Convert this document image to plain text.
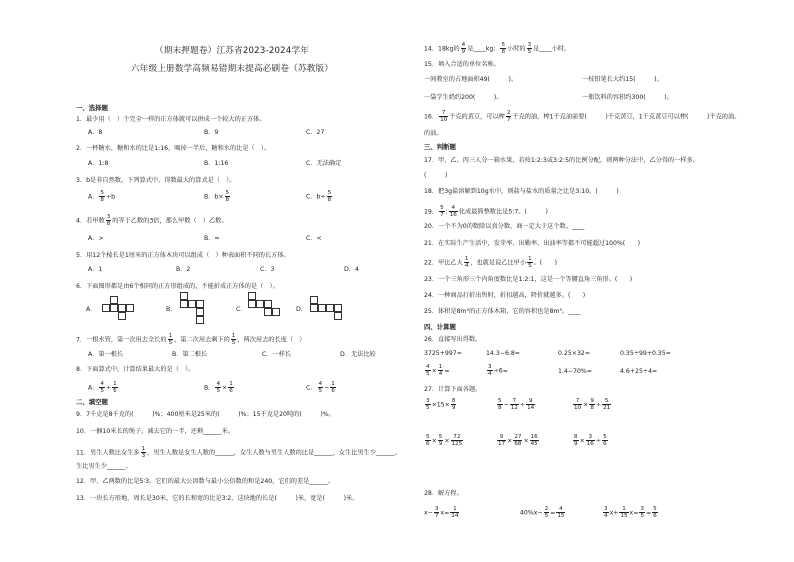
（期末押题卷）江苏省2023-2024学年
六年级上册数学高频易错期末提高必刷卷（苏教版）
一、选择题
1．最少用（　）个完全一样的正方体就可以拼成一个较大的正方体。
A．8	B．9	C．27
2．一杯糖水，糖和水的比是1:16，喝掉一半后，糖和水的比是（　）。
A．1:8	B．1:16	C．无法确定
3．b是非自然数，下列算式中，得数最大的算式是（　）。
A． $\frac{5}{8} \div b$	B．$b\times \frac{5}{8}$	C．$b\div \frac{5}{8}$
4．若甲数 $\frac{3}{8}$ 的等于乙数的3倍，那么甲数（　）乙数。
A．>	B．=	C．<
5．用12个棱长是1厘米的正方体木块可以组成（　）种表面积不同的长方体。
A．1	B．2	C．3	D．4
6．下面图形都是由6个相同的正方形组成的，不能折成正方体的是（　）。
A．	B．	C．	D．
7．一根水管，第一次用去全长的 $\frac{1}{5}$ ，第二次用去剩下的 $\frac{1}{5}$ ，两次用去的长度（　）
A．第一根长	B．第二根长	C．一样长	D．无法比较
8．下面算式中，计算结果最大的是（　）。
A． $\frac{4}{5} \div \frac{1}{6}$	B． $\frac{4}{5} \times \frac{1}{6}$	C． $\frac{4}{5} - \frac{1}{6}$
二、填空题
9．7千克是8千克的(　　　)%；400厘米是25米的(　　　)%；15千克是20吨的(　　　)%。
10．一捆10米长的绳子，减去它的一半，还剩______米。
11．男生人数比女生多 $\frac{1}{3}$ ，男生人数是女生人数的______，女生人数与男生人数的比是______，女生比男生少______。
生比男生少______。
12．甲、乙两数的比是5∶3，它们的最大公因数与最小公倍数的和是240，它们的差是______。
13．一块长方形地，周长是30米，它的长和宽的比是3∶2，这块地的长是(　　　)米，宽是(　　　)米。
14．18kg的 $\frac{4}{9}$ 是____kg； $\frac{5}{8}$ 小时的 $\frac{3}{5}$ 是____小时。
15．填入合适的单位名称。
一间教室的占地面积49(　　　)。	一枝铅笔长大约15(　　　)。
一袋学生奶约200(　　　)。	一瓶饮料的容积约300(　　　)。
16． $\frac{7}{10}$ 千克的黄豆，可以榨 $\frac{2}{7}$ 千克的油，榨1千克油需要(　　　)千克黄豆，1千克黄豆可以榨(　　　)千克的油。
的油。
三、判断题
17．甲、乙、丙三人分一箱水果，若按1:2:3或3:2:5的比例分配，则两种分法中，乙分得的一样多。
(　　　)
18．把3g盐溶解到10g水中，则盐与盐水的质量之比是3:10。(　　　)
19． $\frac{5}{7}$ : $\frac{4}{16}$ 化成最简整数比是5:7。(　　　)
20．一个不为0的数除以真分数，商一定大于这个数。____
21．在实际生产生活中，发芽率、出勤率、出油率等都不可能超过100%(　　)
22．甲比乙大 $\frac{1}{4}$ ，也就是说乙比甲小 $\frac{1}{5}$ 。(　　)
23．一个三角形三个内角度数比是1:2:1，这是一个等腰直角三角形。(　　)
24．一种商品打折出售时，折扣越高，降价就越多。(　　)
25．体积是8m³的正方体木箱，它的容积也是8m³。____
四、计算题
26．直接写出得数。
3725+997=	14.3−6.8=	0.25×32=	0.35÷99+0.35=
$\frac{4}{5} \times \frac{1}{4}$ =	$\frac{3}{4} \div 6=$	1.4−70%=	4.6+25÷4=
27．计算下面各题。
$\frac{3}{5} \times 15\times \frac{8}{9}$	$\frac{5}{8} - \frac{7}{12} \div \frac{9}{14}$	$\frac{7}{10} \times \frac{9}{8} \div \frac{5}{21}$
$\frac{5}{6} \times \frac{5}{9} \times \frac{72}{125}$	$\frac{9}{17} \times \frac{27}{68} \times \frac{16}{45}$	$\frac{8}{9} \times \frac{3}{16} \div \frac{5}{6}$
28．解方程。
$x- \frac{3}{7} x= \frac{1}{14}$	$40\%x- \frac{2}{5} = \frac{4}{15}$	$\frac{3}{4} x+ \frac{1}{15} x= \frac{3}{5} = \frac{5}{6}$
